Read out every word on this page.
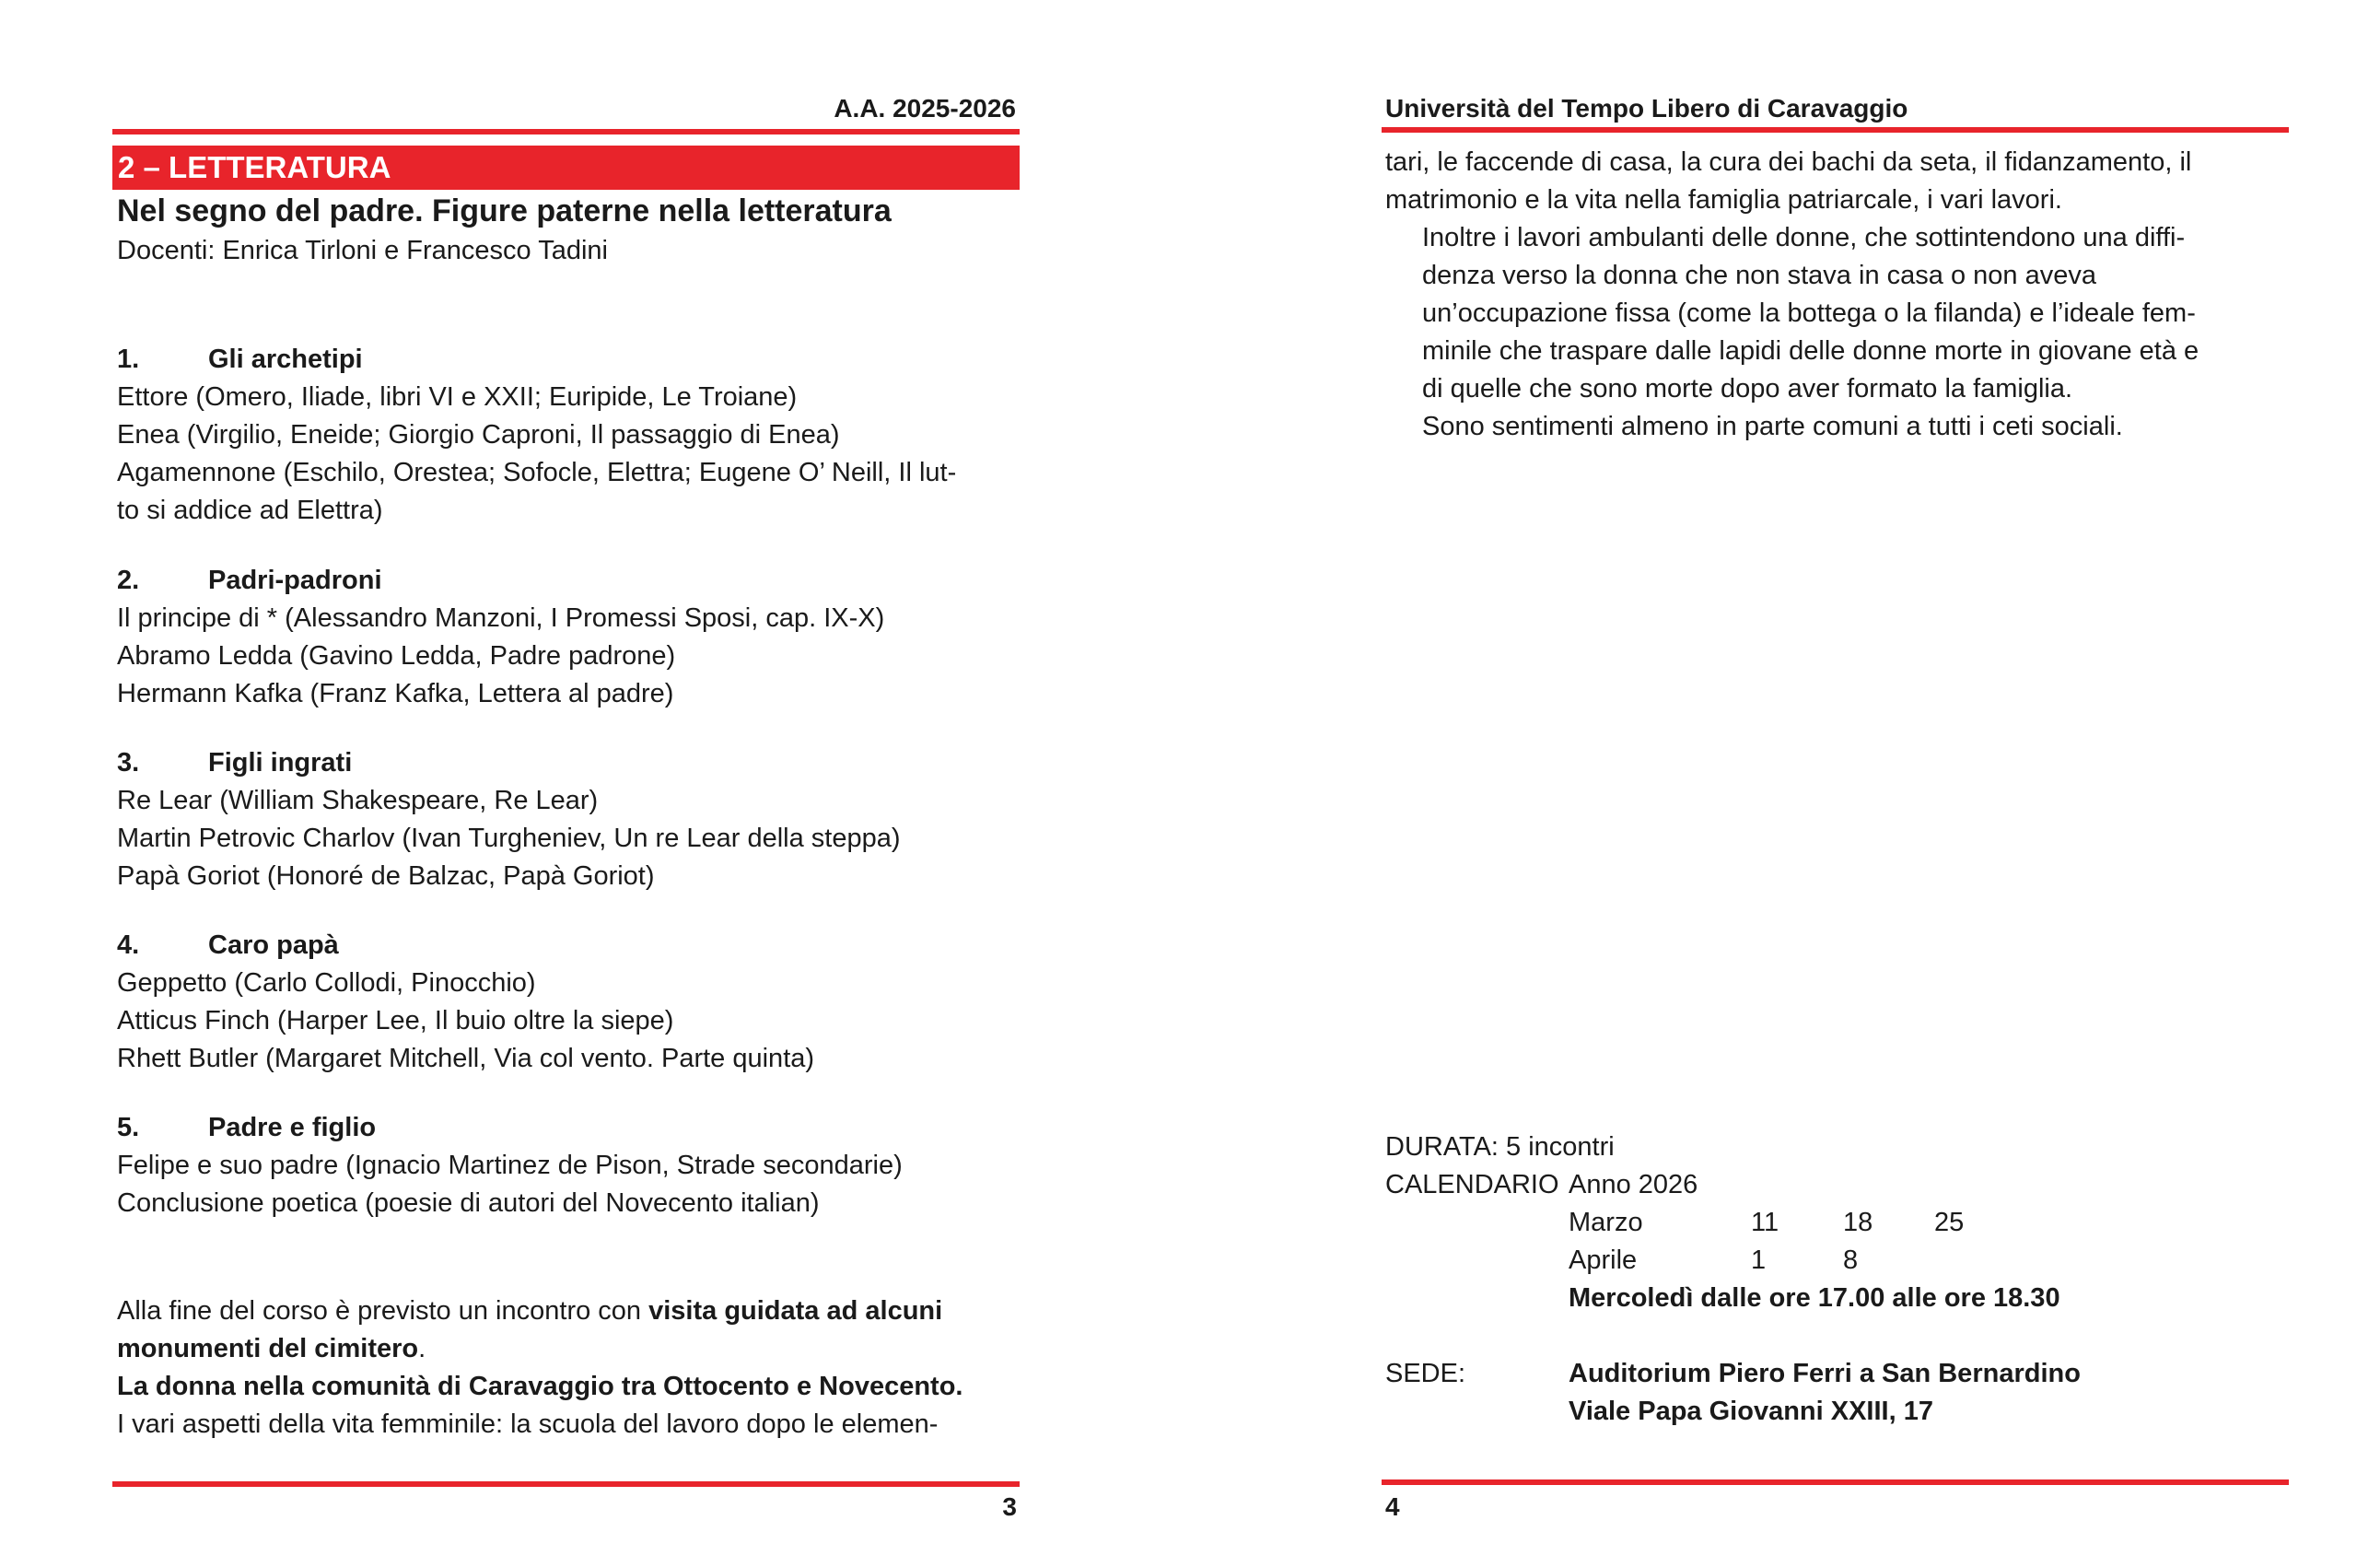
A.A. 2025-2026
2 – LETTERATURA
Nel segno del padre. Figure paterne nella letteratura
Docenti: Enrica Tirloni e Francesco Tadini
1.	Gli archetipi
Ettore (Omero, Iliade, libri VI e XXII; Euripide, Le Troiane)
Enea (Virgilio, Eneide; Giorgio Caproni, Il passaggio di Enea)
Agamennone (Eschilo, Orestea; Sofocle, Elettra; Eugene O’ Neill, Il lut-
to si addice ad Elettra)
2.	Padri-padroni
Il principe di * (Alessandro Manzoni, I Promessi Sposi, cap. IX-X)
Abramo Ledda (Gavino Ledda, Padre padrone)
Hermann Kafka (Franz Kafka, Lettera al padre)
3.	Figli ingrati
Re Lear (William Shakespeare, Re Lear)
Martin Petrovic Charlov (Ivan Turgheniev, Un re Lear della steppa)
Papà Goriot (Honoré de Balzac, Papà Goriot)
4.	Caro papà
Geppetto (Carlo Collodi, Pinocchio)
Atticus Finch (Harper Lee, Il buio oltre la siepe)
Rhett Butler (Margaret Mitchell, Via col vento. Parte quinta)
5.	Padre e figlio
Felipe e suo padre (Ignacio Martinez de Pison, Strade secondarie)
Conclusione poetica (poesie di autori del Novecento italian)
Alla fine del corso è previsto un incontro con visita guidata ad alcuni
monumenti del cimitero.
La donna nella comunità di Caravaggio tra Ottocento e Novecento.
I vari aspetti della vita femminile: la scuola del lavoro dopo le elemen-
3
Università del Tempo Libero di Caravaggio
tari, le faccende di casa, la cura dei bachi da seta, il fidanzamento, il
matrimonio e la vita nella famiglia patriarcale, i vari lavori.
Inoltre i lavori ambulanti delle donne, che sottintendono una diffi-
denza verso la donna che non stava in casa o non aveva
un’occupazione fissa (come la bottega o la filanda) e l’ideale fem-
minile che traspare dalle lapidi delle donne morte in giovane età e
di quelle che sono morte dopo aver formato la famiglia.
Sono sentimenti almeno in parte comuni a tutti i ceti sociali.
DURATA: 5 incontri
CALENDARIO Anno 2026
Marzo	11 18 25
Aprile	1	8
Mercoledì dalle ore 17.00 alle ore 18.30
SEDE:	Auditorium Piero Ferri a San Bernardino
Viale Papa Giovanni XXIII, 17
4
